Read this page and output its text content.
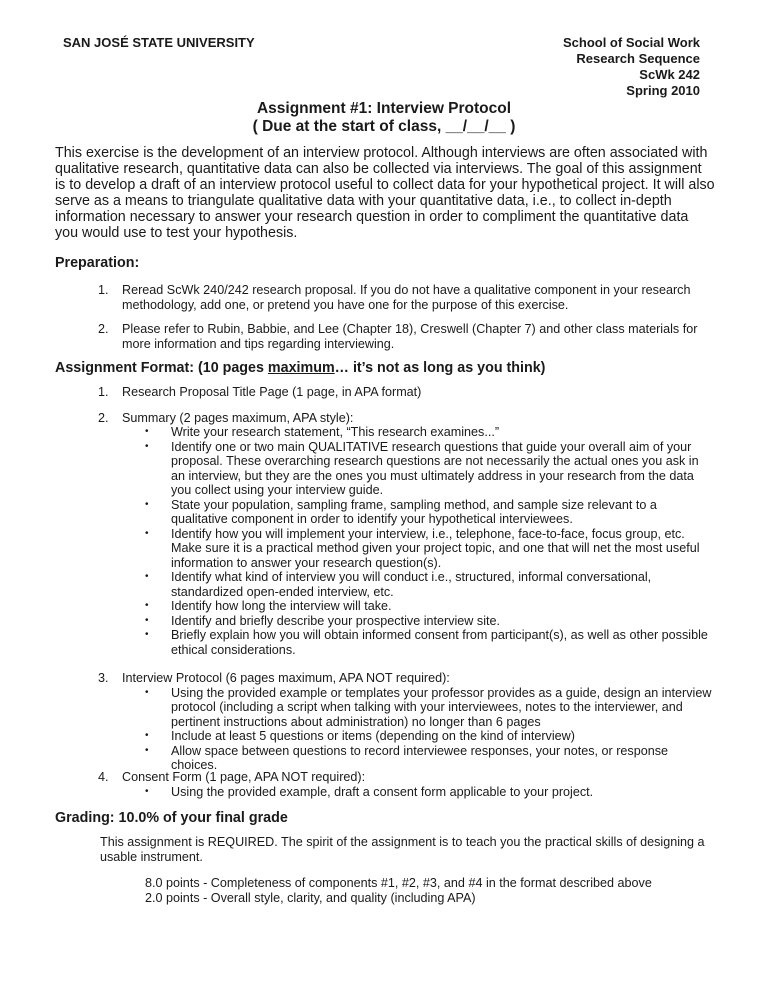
SAN JOSÉ STATE UNIVERSITY	School of Social Work
Research Sequence
ScWk 242
Spring 2010
Assignment #1: Interview Protocol
( Due at the start of class, __/__/__ )
This exercise is the development of an interview protocol. Although interviews are often associated with qualitative research, quantitative data can also be collected via interviews. The goal of this assignment is to develop a draft of an interview protocol useful to collect data for your hypothetical project. It will also serve as a means to triangulate qualitative data with your quantitative data, i.e., to collect in-depth information necessary to answer your research question in order to compliment the quantitative data you would use to test your hypothesis.
Preparation:
1.	Reread ScWk 240/242 research proposal. If you do not have a qualitative component in your research methodology, add one, or pretend you have one for the purpose of this exercise.
2.	Please refer to Rubin, Babbie, and Lee (Chapter 18), Creswell (Chapter 7) and other class materials for more information and tips regarding interviewing.
Assignment Format: (10 pages maximum… it’s not as long as you think)
1.	Research Proposal Title Page (1 page, in APA format)
2.	Summary (2 pages maximum, APA style):
•	Write your research statement, “This research examines...”
•	Identify one or two main QUALITATIVE research questions that guide your overall aim of your proposal. These overarching research questions are not necessarily the actual ones you ask in an interview, but they are the ones you must ultimately address in your research from the data you collect using your interview guide.
•	State your population, sampling frame, sampling method, and sample size relevant to a qualitative component in order to identify your hypothetical interviewees.
•	Identify how you will implement your interview, i.e., telephone, face-to-face, focus group, etc. Make sure it is a practical method given your project topic, and one that will net the most useful information to answer your research question(s).
•	Identify what kind of interview you will conduct i.e., structured, informal conversational, standardized open-ended interview, etc.
•	Identify how long the interview will take.
•	Identify and briefly describe your prospective interview site.
•	Briefly explain how you will obtain informed consent from participant(s), as well as other possible ethical considerations.
3.	Interview Protocol (6 pages maximum, APA NOT required):
•	Using the provided example or templates your professor provides as a guide, design an interview protocol (including a script when talking with your interviewees, notes to the interviewer, and pertinent instructions about administration) no longer than 6 pages
•	Include at least 5 questions or items (depending on the kind of interview)
•	Allow space between questions to record interviewee responses, your notes, or response choices.
4.	Consent Form (1 page, APA NOT required):
•	Using the provided example, draft a consent form applicable to your project.
Grading: 10.0% of your final grade
This assignment is REQUIRED. The spirit of the assignment is to teach you the practical skills of designing a usable instrument.
8.0 points - Completeness of components #1, #2, #3, and #4 in the format described above
2.0 points - Overall style, clarity, and quality (including APA)
